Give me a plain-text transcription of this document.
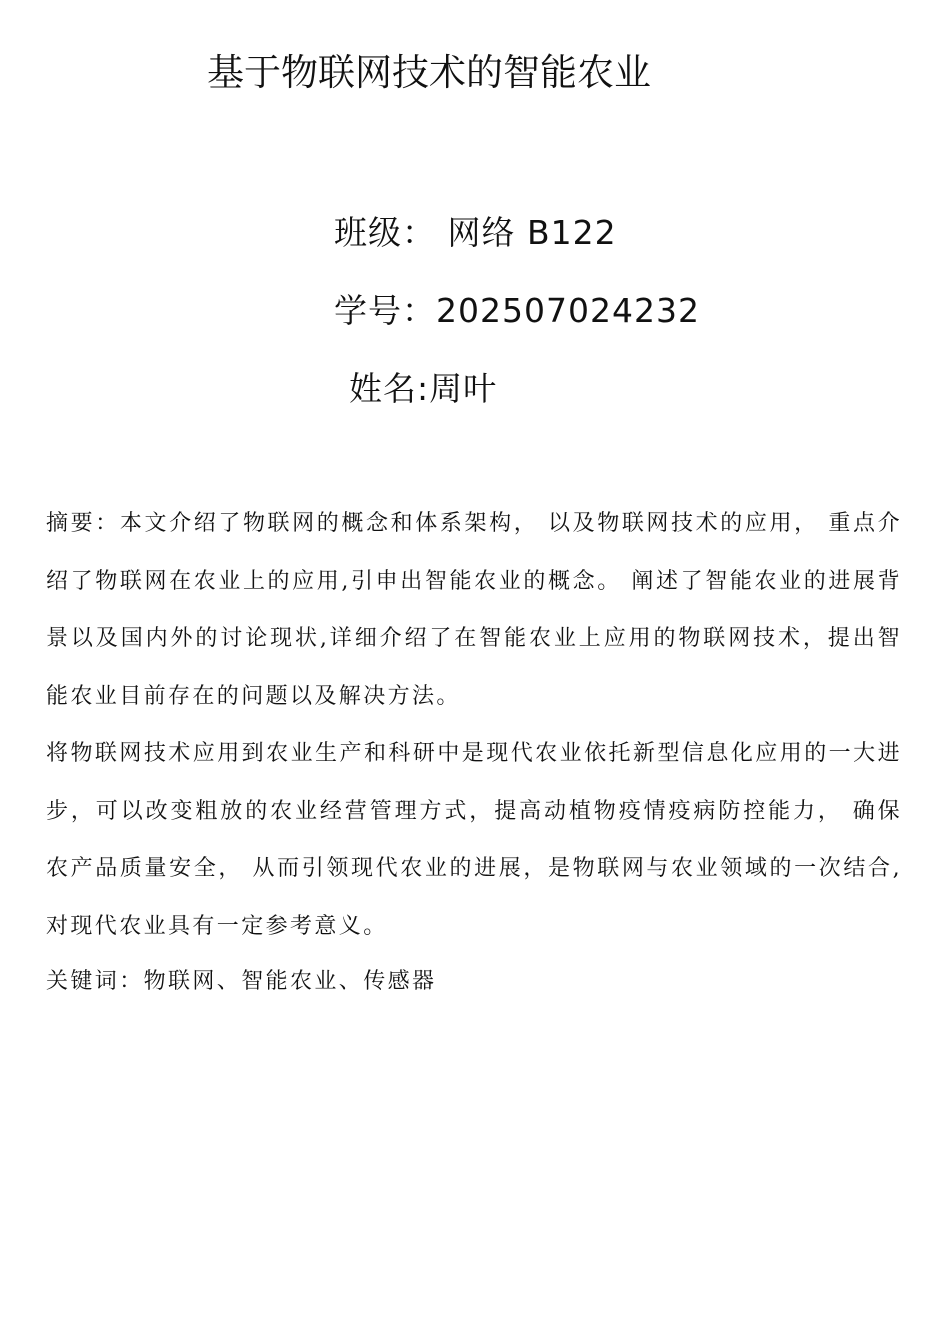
基于物联网技术的智能农业
班级： 网络 B122
学号：202507024232
姓名:周叶
摘要：本文介绍了物联网的概念和体系架构， 以及物联网技术的应用， 重点介绍了物联网在农业上的应用,引申出智能农业的概念。 阐述了智能农业的进展背景以及国内外的讨论现状,详细介绍了在智能农业上应用的物联网技术，提出智能农业目前存在的问题以及解决方法。
将物联网技术应用到农业生产和科研中是现代农业依托新型信息化应用的一大进步，可以改变粗放的农业经营管理方式，提高动植物疫情疫病防控能力， 确保农产品质量安全， 从而引领现代农业的进展，是物联网与农业领域的一次结合,对现代农业具有一定参考意义。
关键词：物联网、智能农业、传感器
